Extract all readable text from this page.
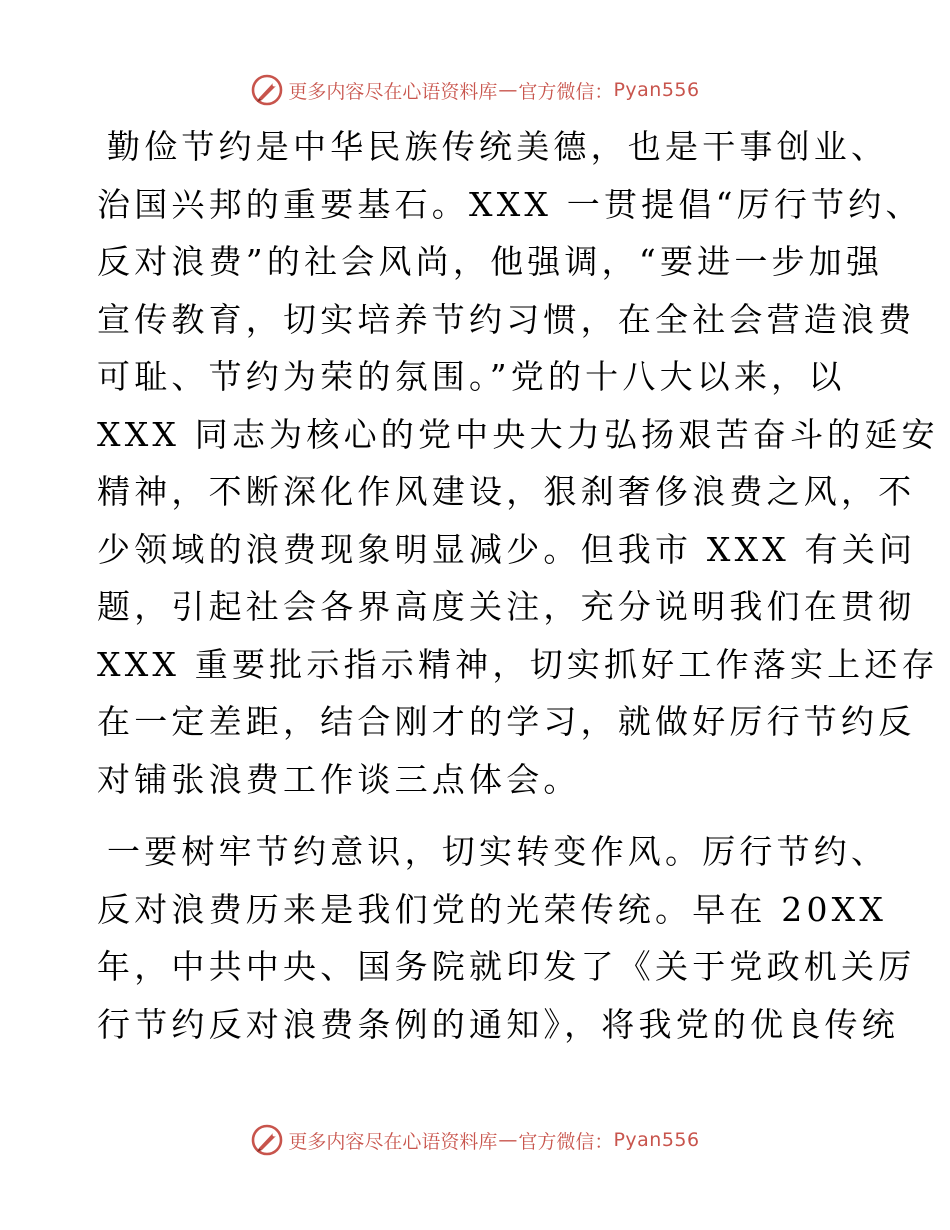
更多内容尽在心语资料库 — 官方微信： Pyan556
勤俭节约是中华民族传统美德，也是干事创业、
治国兴邦的重要基石。XXX 一贯提倡“厉行节约、
反对浪费”的社会风尚，他强调，“要进一步加强
宣传教育，切实培养节约习惯，在全社会营造浪费
可耻、节约为荣的氛围。”党的十八大以来，以
XXX 同志为核心的党中央大力弘扬艰苦奋斗的延安
精神，不断深化作风建设，狠刹奢侈浪费之风，不
少领域的浪费现象明显减少。但我市 XXX 有关问
题，引起社会各界高度关注，充分说明我们在贯彻
XXX 重要批示指示精神，切实抓好工作落实上还存
在一定差距，结合刚才的学习，就做好厉行节约反
对铺张浪费工作谈三点体会。
一要树牢节约意识，切实转变作风。厉行节约、
反对浪费历来是我们党的光荣传统。早在 20XX
年，中共中央、国务院就印发了《关于党政机关厉
行节约反对浪费条例的通知》，将我党的优良传统
更多内容尽在心语资料库 — 官方微信： Pyan556
